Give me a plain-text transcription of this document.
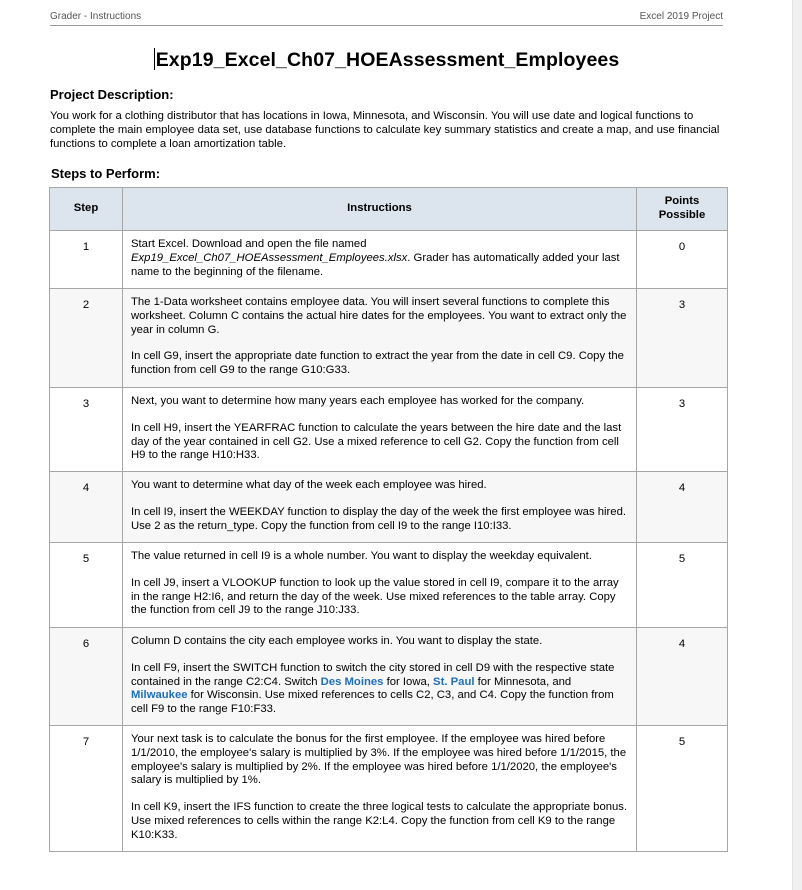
Grader - Instructions	Excel 2019 Project
Exp19_Excel_Ch07_HOEAssessment_Employees
Project Description:
You work for a clothing distributor that has locations in Iowa, Minnesota, and Wisconsin. You will use date and logical functions to complete the main employee data set, use database functions to calculate key summary statistics and create a map, and use financial functions to complete a loan amortization table.
Steps to Perform:
Step	Instructions	Points Possible
1	Start Excel. Download and open the file named
Exp19_Excel_Ch07_HOEAssessment_Employees.xlsx. Grader has automatically added your last name to the beginning of the filename.	0
2	The 1-Data worksheet contains employee data. You will insert several functions to complete this worksheet. Column C contains the actual hire dates for the employees. You want to extract only the year in column G.

In cell G9, insert the appropriate date function to extract the year from the date in cell C9. Copy the function from cell G9 to the range G10:G33.	3
3	Next, you want to determine how many years each employee has worked for the company.

In cell H9, insert the YEARFRAC function to calculate the years between the hire date and the last day of the year contained in cell G2. Use a mixed reference to cell G2. Copy the function from cell H9 to the range H10:H33.	3
4	You want to determine what day of the week each employee was hired.

In cell I9, insert the WEEKDAY function to display the day of the week the first employee was hired. Use 2 as the return_type. Copy the function from cell I9 to the range I10:I33.	4
5	The value returned in cell I9 is a whole number. You want to display the weekday equivalent.

In cell J9, insert a VLOOKUP function to look up the value stored in cell I9, compare it to the array in the range H2:I6, and return the day of the week. Use mixed references to the table array. Copy the function from cell J9 to the range J10:J33.	5
6	Column D contains the city each employee works in. You want to display the state.

In cell F9, insert the SWITCH function to switch the city stored in cell D9 with the respective state contained in the range C2:C4. Switch Des Moines for Iowa, St. Paul for Minnesota, and Milwaukee for Wisconsin. Use mixed references to cells C2, C3, and C4. Copy the function from cell F9 to the range F10:F33.	4
7	Your next task is to calculate the bonus for the first employee. If the employee was hired before 1/1/2010, the employee's salary is multiplied by 3%. If the employee was hired before 1/1/2015, the employee's salary is multiplied by 2%. If the employee was hired before 1/1/2020, the employee's salary is multiplied by 1%.

In cell K9, insert the IFS function to create the three logical tests to calculate the appropriate bonus. Use mixed references to cells within the range K2:L4. Copy the function from cell K9 to the range K10:K33.	5
